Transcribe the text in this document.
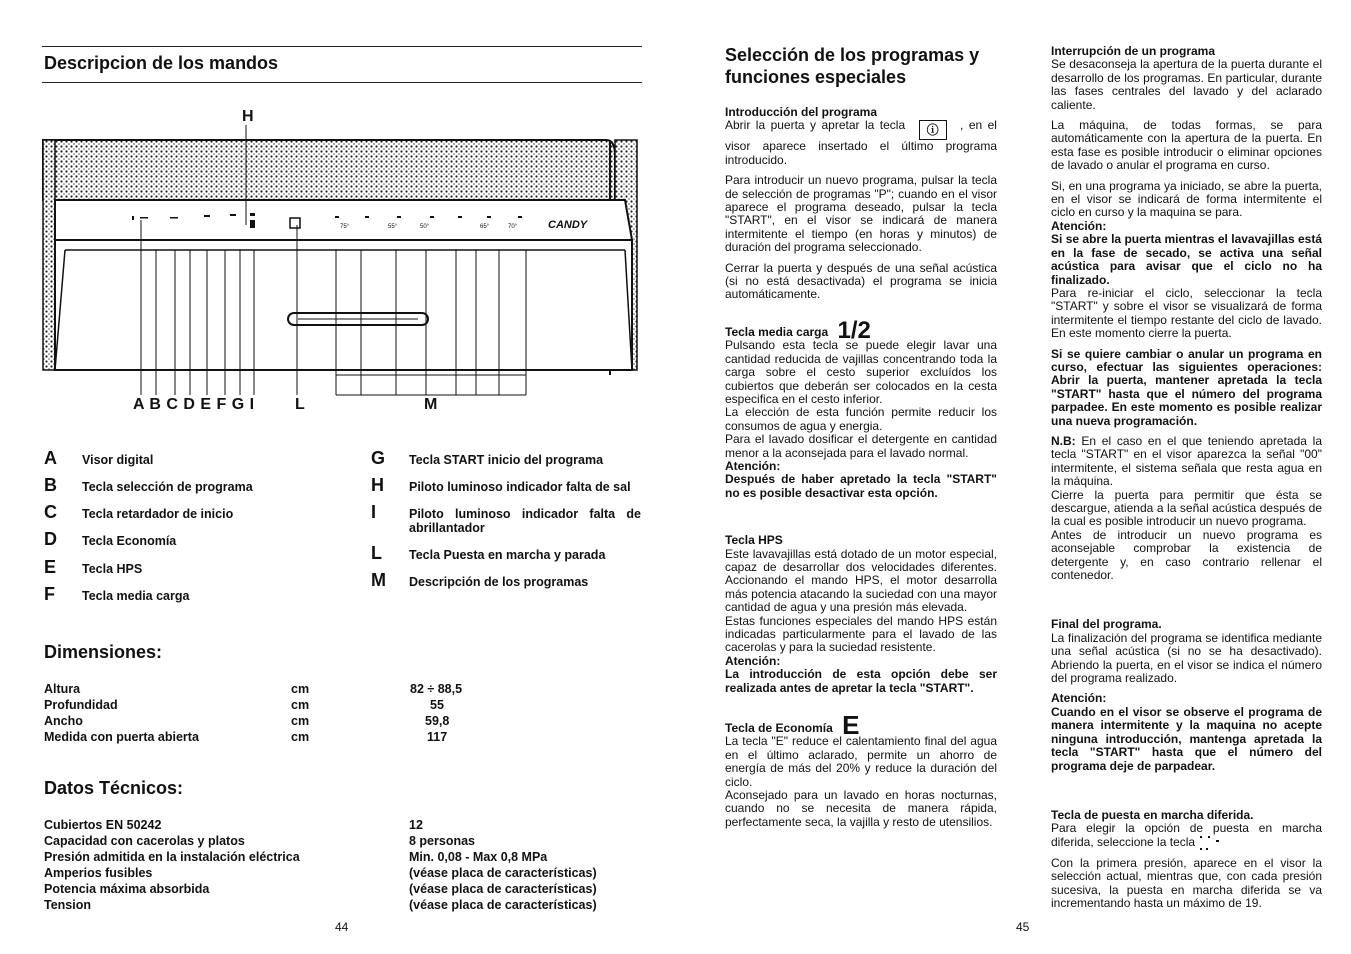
Descripcion de los mandos
75°	55°	50°	65°	70°	CANDY
H
A B C D E F G I	L	M
A Visor digital
B Tecla selección de programa
C Tecla retardador de inicio
D Tecla Economía
E Tecla HPS
F Tecla media carga
G Tecla START inicio del programa
H Piloto luminoso indicador falta de sal
I	Piloto luminoso indicador falta de abrillantador
L Tecla Puesta en marcha y parada
M Descripción de los programas
Dimensiones:
Altura	cm	82 ÷ 88,5
Profundidad	cm	55
Ancho	cm	59,8
Medida con puerta abierta	cm	117
Datos Técnicos:
Cubiertos EN 50242	12
Capacidad con cacerolas y platos	8 personas
Presión admitida en la instalación eléctrica	Min. 0,08 - Max 0,8 MPa
Amperios fusibles	(véase placa de características)
Potencia máxima absorbida	(véase placa de características)
Tension	(véase placa de características)
44
Selección de los programas y funciones especiales
Introducción del programa
Abrir la puerta y apretar la tecla ⓘ , en el visor aparece insertado el último programa introducido.
Para introducir un nuevo programa, pulsar la tecla de selección de programas "P"; cuando en el visor aparece el programa deseado, pulsar la tecla "START", en el visor se indicará de manera intermitente el tiempo (en horas y minutos) de duración del programa seleccionado.
Cerrar la puerta y después de una señal acústica (si no está desactivada) el programa se inicia automáticamente.
Tecla media carga 1/2
Pulsando esta tecla se puede elegir lavar una cantidad reducida de vajillas concentrando toda la carga sobre el cesto superior excluídos los cubiertos que deberán ser colocados en la cesta especifica en el cesto inferior.
La elección de esta función permite reducir los consumos de agua y energia.
Para el lavado dosificar el detergente en cantidad menor a la aconsejada para el lavado normal.
Atención:
Después de haber apretado la tecla "START" no es posible desactivar esta opción.
Tecla HPS
Este lavavajillas está dotado de un motor especial, capaz de desarrollar dos velocidades diferentes. Accionando el mando HPS, el motor desarrolla más potencia atacando la suciedad con una mayor cantidad de agua y una presión más elevada.
Estas funciones especiales del mando HPS están indicadas particularmente para el lavado de las cacerolas y para la suciedad resistente.
Atención:
La introducción de esta opción debe ser realizada antes de apretar la tecla "START".
Tecla de Economía E
La tecla "E" reduce el calentamiento final del agua en el último aclarado, permite un ahorro de energía de más del 20% y reduce la duración del ciclo.
Aconsejado para un lavado en horas nocturnas, cuando no se necesita de manera rápida, perfectamente seca, la vajilla y resto de utensilios.
Interrupción de un programa
Se desaconseja la apertura de la puerta durante el desarrollo de los programas. En particular, durante las fases centrales del lavado y del aclarado caliente.
La máquina, de todas formas, se para automáticamente con la apertura de la puerta. En esta fase es posible introducir o eliminar opciones de lavado o anular el programa en curso.
Si, en una programa ya iniciado, se abre la puerta, en el visor se indicará de forma intermitente el ciclo en curso y la maquina se para.
Atención:
Si se abre la puerta mientras el lavavajillas está en la fase de secado, se activa una señal acústica para avisar que el ciclo no ha finalizado.
Para re-iniciar el ciclo, seleccionar la tecla "START" y sobre el visor se visualizará de forma intermitente el tiempo restante del ciclo de lavado. En este momento cierre la puerta.
Si se quiere cambiar o anular un programa en curso, efectuar las siguientes operaciones: Abrir la puerta, mantener apretada la tecla "START" hasta que el número del programa parpadee. En este momento es posible realizar una nueva programación.
N.B: En el caso en el que teniendo apretada la tecla "START" en el visor aparezca la señal "00" intermitente, el sistema señala que resta agua en la máquina.
Cierre la puerta para permitir que ésta se descargue, atienda a la señal acústica después de la cual es posible introducir un nuevo programa.
Antes de introducir un nuevo programa es aconsejable comprobar la existencia de detergente y, en caso contrario rellenar el contenedor.
Final del programa.
La finalización del programa se identifica mediante una señal acústica (si no se ha desactivado). Abriendo la puerta, en el visor se indica el número del programa realizado.
Atención:
Cuando en el visor se observe el programa de manera intermitente y la maquina no acepte ninguna introducción, mantenga apretada la tecla "START" hasta que el número del programa deje de parpadear.
Tecla de puesta en marcha diferida.
Para elegir la opción de puesta en marcha diferida, seleccione la tecla
Con la primera presión, aparece en el visor la selección actual, mientras que, con cada presión sucesiva, la puesta en marcha diferida se va incrementando hasta un máximo de 19.
45
